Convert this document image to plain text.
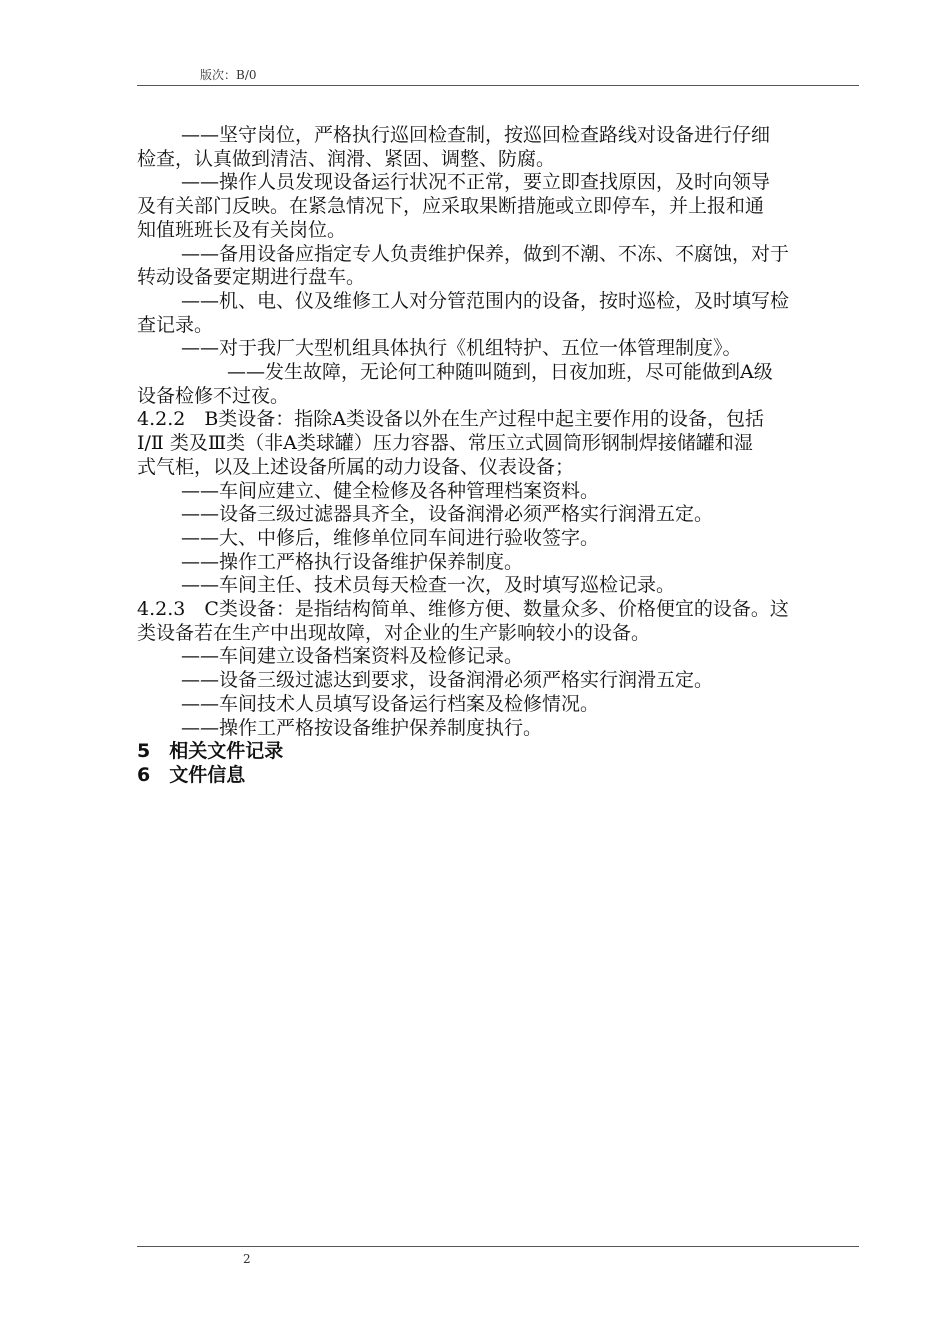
版次：B/0

——坚守岗位，严格执行巡回检查制，按巡回检查路线对设备进行仔细

检查，认真做到清洁、润滑、紧固、调整、防腐。

——操作人员发现设备运行状况不正常，要立即查找原因，及时向领导

及有关部门反映。在紧急情况下，应采取果断措施或立即停车，并上报和通

知值班班长及有关岗位。

——备用设备应指定专人负责维护保养，做到不潮、不冻、不腐蚀，对于

转动设备要定期进行盘车。

——机、电、仪及维修工人对分管范围内的设备，按时巡检，及时填写检

查记录。

——对于我厂大型机组具体执行《机组特护、五位一体管理制度》。

——发生故障，无论何工种随叫随到，日夜加班，尽可能做到A级

设备检修不过夜。

4.2.2　B类设备：指除A类设备以外在生产过程中起主要作用的设备，包括

Ⅰ/Ⅱ 类及Ⅲ类（非A类球罐）压力容器、常压立式圆筒形钢制焊接储罐和湿

式气柜，以及上述设备所属的动力设备、仪表设备；

——车间应建立、健全检修及各种管理档案资料。

——设备三级过滤器具齐全，设备润滑必须严格实行润滑五定。

——大、中修后，维修单位同车间进行验收签字。

——操作工严格执行设备维护保养制度。

——车间主任、技术员每天检查一次，及时填写巡检记录。

4.2.3　C类设备：是指结构简单、维修方便、数量众多、价格便宜的设备。这

类设备若在生产中出现故障，对企业的生产影响较小的设备。

——车间建立设备档案资料及检修记录。

——设备三级过滤达到要求，设备润滑必须严格实行润滑五定。

——车间技术人员填写设备运行档案及检修情况。

——操作工严格按设备维护保养制度执行。

5　相关文件记录

6　文件信息

2
